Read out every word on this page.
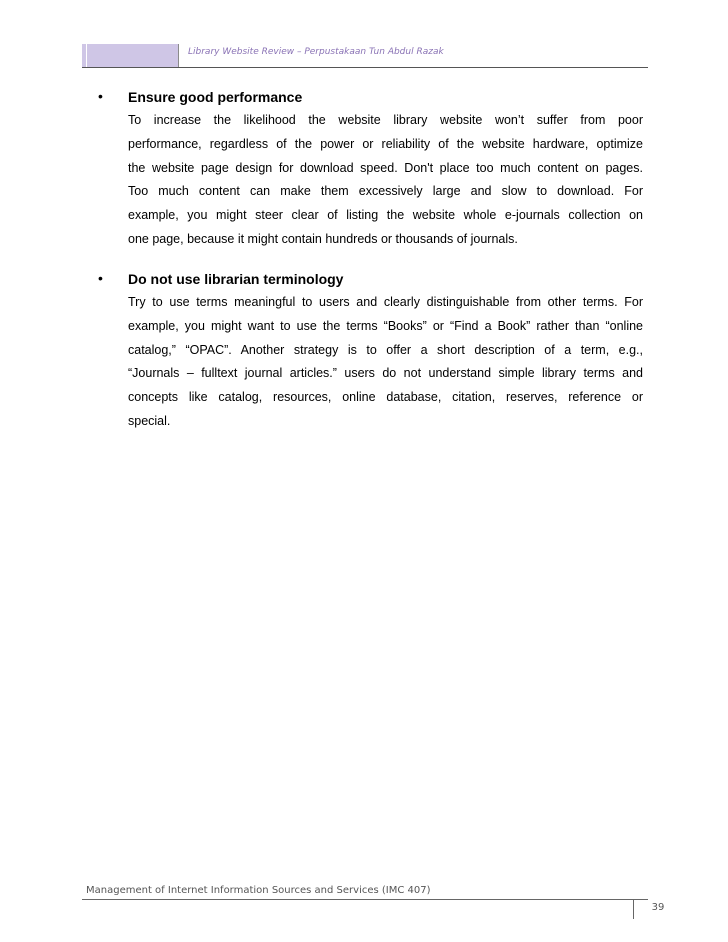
Library Website Review – Perpustakaan Tun Abdul Razak
• Ensure good performance
To increase the likelihood the website library website won’t suffer from poor
performance, regardless of the power or reliability of the website hardware, optimize
the website page design for download speed. Don't place too much content on pages.
Too much content can make them excessively large and slow to download. For
example, you might steer clear of listing the website whole e-journals collection on
one page, because it might contain hundreds or thousands of journals.
• Do not use librarian terminology
Try to use terms meaningful to users and clearly distinguishable from other terms. For
example, you might want to use the terms “Books” or “Find a Book” rather than “online
catalog,” “OPAC”. Another strategy is to offer a short description of a term, e.g.,
“Journals – fulltext journal articles.” users do not understand simple library terms and
concepts like catalog, resources, online database, citation, reserves, reference or
special.
Management of Internet Information Sources and Services (IMC 407)
39
